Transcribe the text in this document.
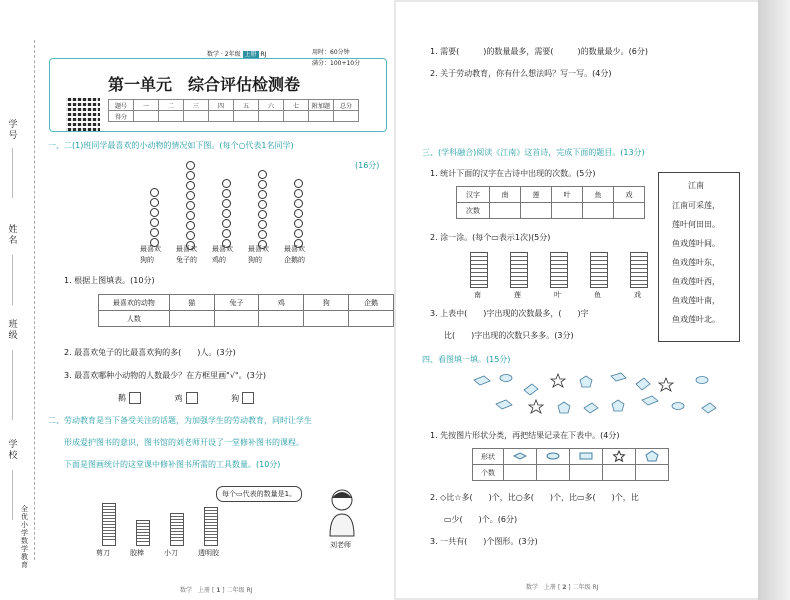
学号
姓名
班级
学校
全优小学数学教育
数学 · 2年级 上册 RJ	用时：60分钟
满分：100+10分
第一单元　综合评估检测卷
题号	一	二	三	四	五	六	七	附加题	总分
得分									
一、二(1)班同学最喜欢的小动物的情况如下图。(每个○代表1名同学)
(16分)
1. 根据上图填表。(10分)
最喜欢的动物	猫	兔子	鸡	狗	企鹅
人数					
2. 最喜欢兔子的比最喜欢狗的多(　　)人。(3分)
3. 最喜欢哪种小动物的人数最少？在方框里画"√"。(3分)
鹅	鸡	狗
二、劳动教育是当下备受关注的话题，为加强学生的劳动教育，同时让学生
形成爱护图书的意识，图书馆的刘老师开设了一堂修补图书的课程。
下面是图画统计的这堂课中修补图书所需的工具数量。(10分)
每个▭代表的数量是1。
刘老师
数学　 上册 [ 1 ] 二年级 RJ
最喜欢
狗的
最喜欢
兔子的
最喜欢
鸡的
最喜欢
狗的
最喜欢
企鹅的
剪刀	胶棒	小刀	透明胶
1. 需要(　　　)的数量最多，需要(　　　)的数量最少。(6分)
2. 关于劳动教育，你有什么想法吗？写一写。(4分)
三、(学科融合)阅读《江南》这首诗，完成下面的题目。(13分)
1. 统计下面的汉字在古诗中出现的次数。(5分)
汉字	南	莲	叶	鱼	戏
次数					
2. 涂一涂。(每个▭表示1次)(5分)
3. 上表中(　　)字出现的次数最多，(　　)字
比(　　)字出现的次数只多多。(3分)
江南
四、看图填一填。(15分)
1. 先按图片形状分类，再把结果记录在下表中。(4分)
形状					
个数					
2. ◇比☆多(　　)个，比○多(　　)个，比▭多(　　)个，比
▭少(　　)个。(6分)
3. 一共有(　　)个图形。(3分)
数学　 上册 [ 2 ] 二年级 RJ
南	莲	叶	鱼	戏
江南可采莲，
莲叶何田田。
鱼戏莲叶间。
鱼戏莲叶东，
鱼戏莲叶西，
鱼戏莲叶南，
鱼戏莲叶北。
